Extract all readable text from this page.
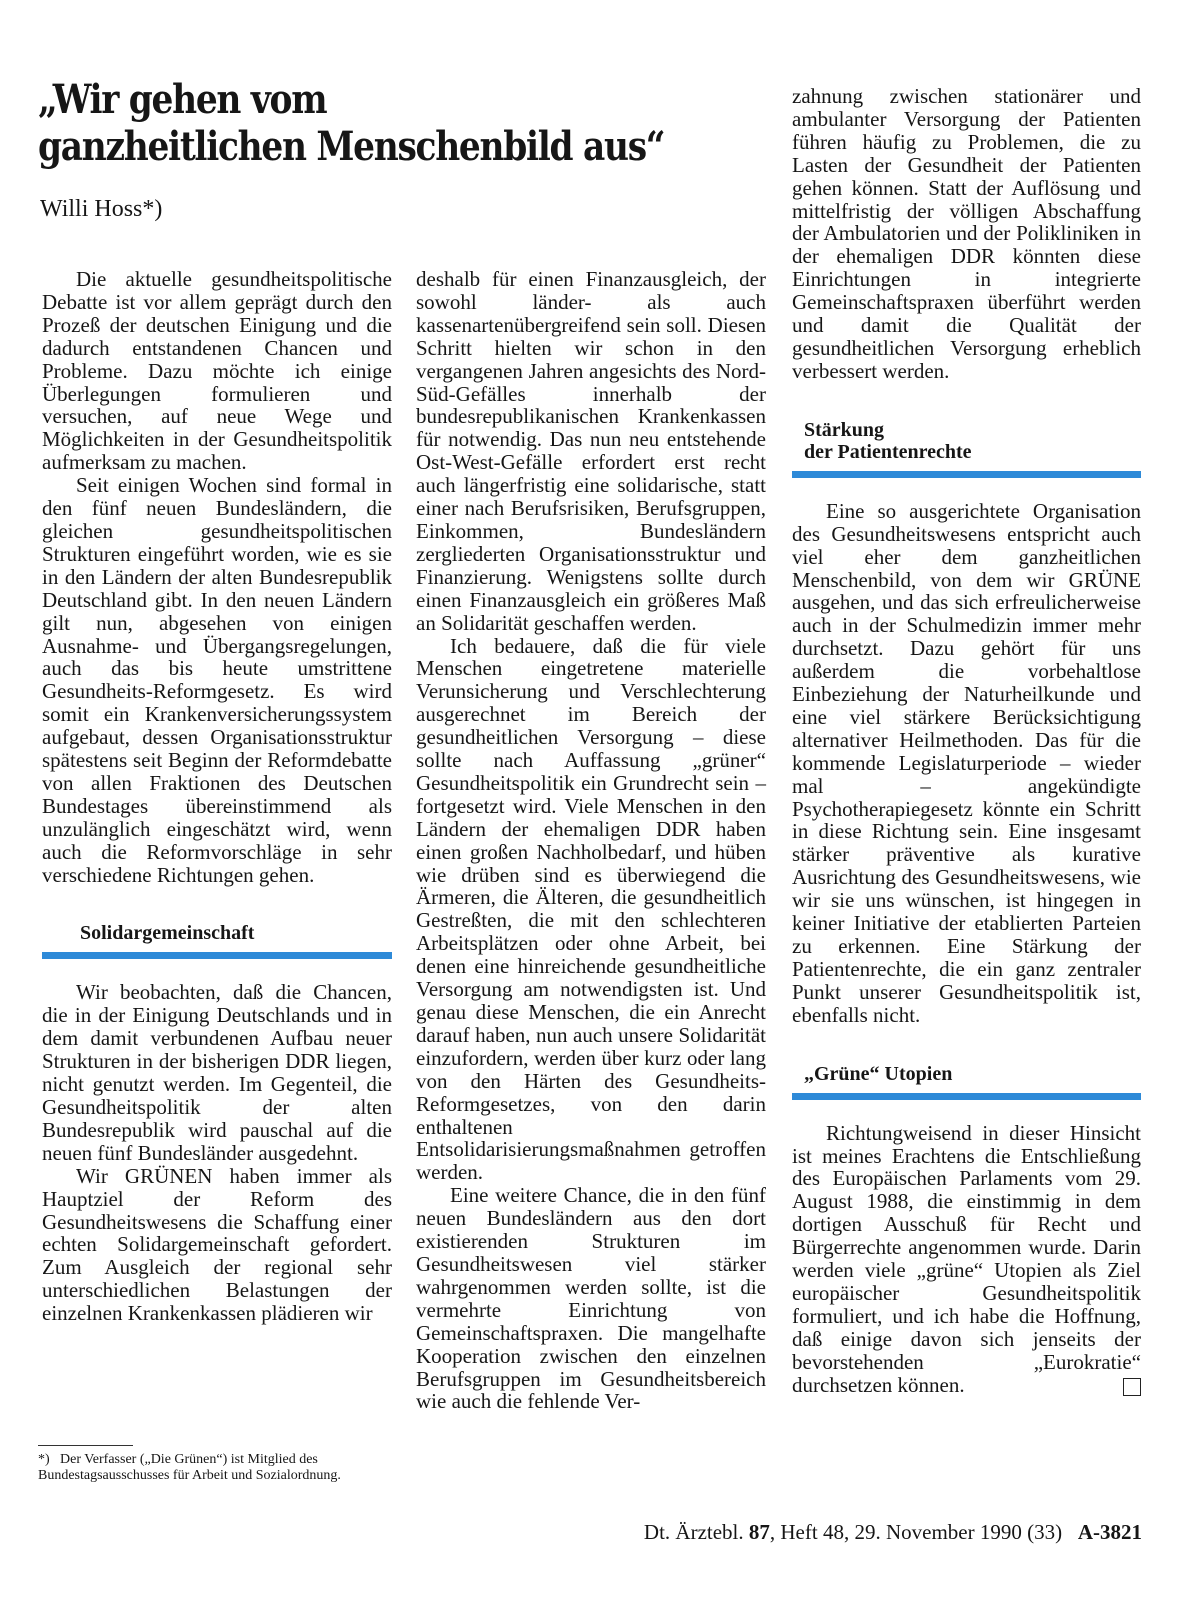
„Wir gehen vom
ganzheitlichen Menschenbild aus“
Willi Hoss*)

Die aktuelle gesundheitspolitische Debatte ist vor allem geprägt durch den Prozeß der deutschen Einigung und die dadurch entstandenen Chancen und Probleme. Dazu möchte ich einige Überlegungen formulieren und versuchen, auf neue Wege und Möglichkeiten in der Gesundheitspolitik aufmerksam zu machen.

Seit einigen Wochen sind formal in den fünf neuen Bundesländern, die gleichen gesundheitspolitischen Strukturen eingeführt worden, wie es sie in den Ländern der alten Bundesrepublik Deutschland gibt. In den neuen Ländern gilt nun, abgesehen von einigen Ausnahme- und Übergangsregelungen, auch das bis heute umstrittene Gesundheits-Reformgesetz. Es wird somit ein Krankenversicherungssystem aufgebaut, dessen Organisationsstruktur spätestens seit Beginn der Reformdebatte von allen Fraktionen des Deutschen Bundestages übereinstimmend als unzulänglich eingeschätzt wird, wenn auch die Reformvorschläge in sehr verschiedene Richtungen gehen.

Solidargemeinschaft

Wir beobachten, daß die Chancen, die in der Einigung Deutschlands und in dem damit verbundenen Aufbau neuer Strukturen in der bisherigen DDR liegen, nicht genutzt werden. Im Gegenteil, die Gesundheitspolitik der alten Bundesrepublik wird pauschal auf die neuen fünf Bundesländer ausgedehnt.

Wir GRÜNEN haben immer als Hauptziel der Reform des Gesundheitswesens die Schaffung einer echten Solidargemeinschaft gefordert. Zum Ausgleich der regional sehr unterschiedlichen Belastungen der einzelnen Krankenkassen plädieren wir

deshalb für einen Finanzausgleich, der sowohl länder- als auch kassenartenübergreifend sein soll. Diesen Schritt hielten wir schon in den vergangenen Jahren angesichts des Nord-Süd-Gefälles innerhalb der bundesrepublikanischen Krankenkassen für notwendig. Das nun neu entstehende Ost-West-Gefälle erfordert erst recht auch längerfristig eine solidarische, statt einer nach Berufsrisiken, Berufsgruppen, Einkommen, Bundesländern zergliederten Organisationsstruktur und Finanzierung. Wenigstens sollte durch einen Finanzausgleich ein größeres Maß an Solidarität geschaffen werden.

Ich bedauere, daß die für viele Menschen eingetretene materielle Verunsicherung und Verschlechterung ausgerechnet im Bereich der gesundheitlichen Versorgung – diese sollte nach Auffassung „grüner“ Gesundheitspolitik ein Grundrecht sein – fortgesetzt wird. Viele Menschen in den Ländern der ehemaligen DDR haben einen großen Nachholbedarf, und hüben wie drüben sind es überwiegend die Ärmeren, die Älteren, die gesundheitlich Gestreßten, die mit den schlechteren Arbeitsplätzen oder ohne Arbeit, bei denen eine hinreichende gesundheitliche Versorgung am notwendigsten ist. Und genau diese Menschen, die ein Anrecht darauf haben, nun auch unsere Solidarität einzufordern, werden über kurz oder lang von den Härten des Gesundheits-Reformgesetzes, von den darin enthaltenen Entsolidarisierungsmaßnahmen getroffen werden.

Eine weitere Chance, die in den fünf neuen Bundesländern aus den dort existierenden Strukturen im Gesundheitswesen viel stärker wahrgenommen werden sollte, ist die vermehrte Einrichtung von Gemeinschaftspraxen. Die mangelhafte Kooperation zwischen den einzelnen Berufsgruppen im Gesundheitsbereich wie auch die fehlende Ver-

zahnung zwischen stationärer und ambulanter Versorgung der Patienten führen häufig zu Problemen, die zu Lasten der Gesundheit der Patienten gehen können. Statt der Auflösung und mittelfristig der völligen Abschaffung der Ambulatorien und der Polikliniken in der ehemaligen DDR könnten diese Einrichtungen in integrierte Gemeinschaftspraxen überführt werden und damit die Qualität der gesundheitlichen Versorgung erheblich verbessert werden.

Stärkung
der Patientenrechte

Eine so ausgerichtete Organisation des Gesundheitswesens entspricht auch viel eher dem ganzheitlichen Menschenbild, von dem wir GRÜNE ausgehen, und das sich erfreulicherweise auch in der Schulmedizin immer mehr durchsetzt. Dazu gehört für uns außerdem die vorbehaltlose Einbeziehung der Naturheilkunde und eine viel stärkere Berücksichtigung alternativer Heilmethoden. Das für die kommende Legislaturperiode – wieder mal – angekündigte Psychotherapiegesetz könnte ein Schritt in diese Richtung sein. Eine insgesamt stärker präventive als kurative Ausrichtung des Gesundheitswesens, wie wir sie uns wünschen, ist hingegen in keiner Initiative der etablierten Parteien zu erkennen. Eine Stärkung der Patientenrechte, die ein ganz zentraler Punkt unserer Gesundheitspolitik ist, ebenfalls nicht.

„Grüne“ Utopien

Richtungweisend in dieser Hinsicht ist meines Erachtens die Entschließung des Europäischen Parlaments vom 29. August 1988, die einstimmig in dem dortigen Ausschuß für Recht und Bürgerrechte angenommen wurde. Darin werden viele „grüne“ Utopien als Ziel europäischer Gesundheitspolitik formuliert, und ich habe die Hoffnung, daß einige davon sich jenseits der bevorstehenden „Eurokratie“ durchsetzen können.

*) Der Verfasser („Die Grünen“) ist Mitglied des Bundestagsausschusses für Arbeit und Sozialordnung.
Dt. Ärztebl. 87, Heft 48, 29. November 1990 (33) A-3821
